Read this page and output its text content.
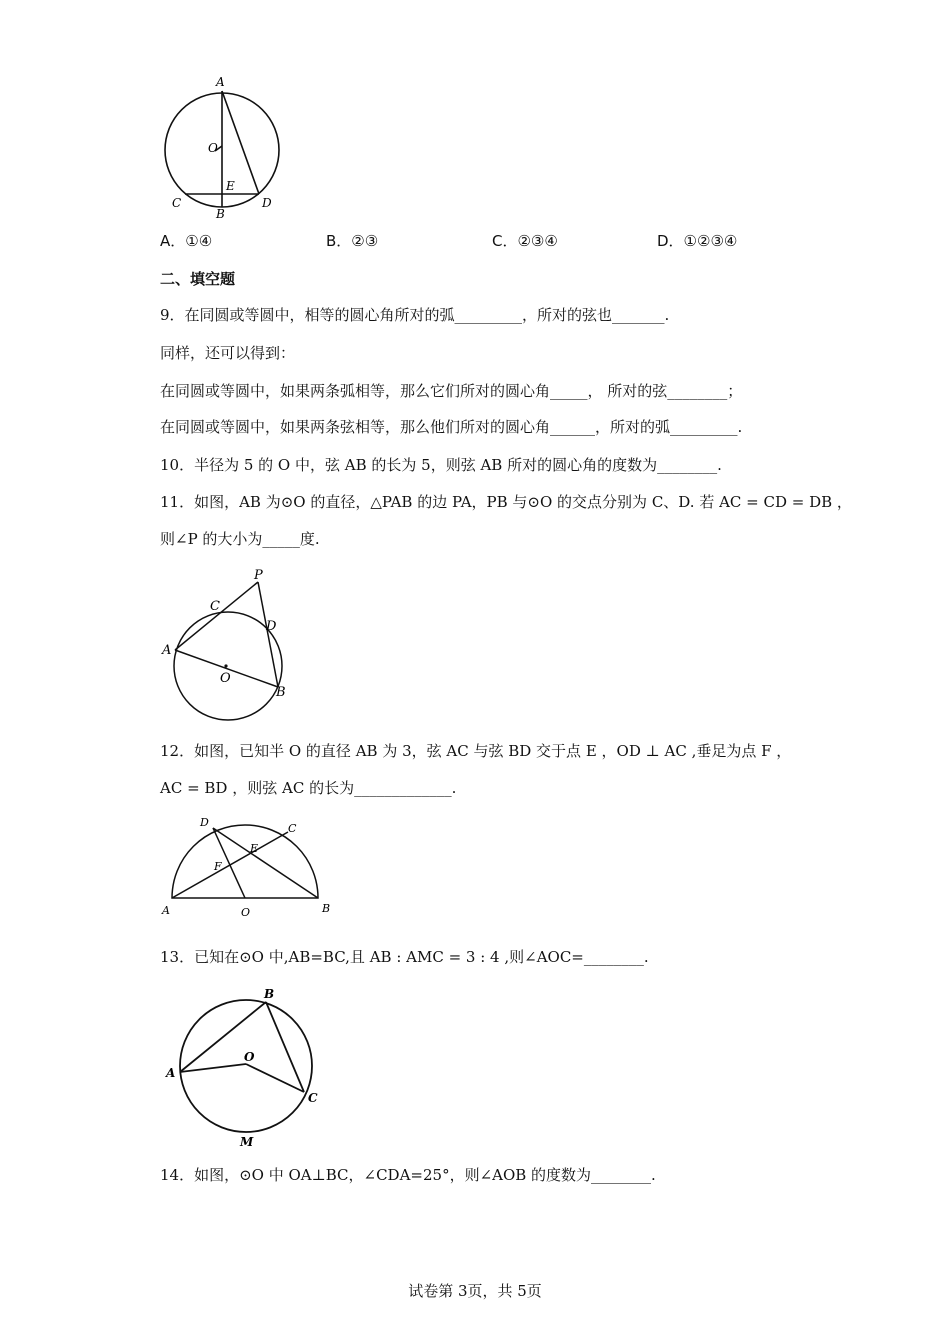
A
O
E
C
B
D
A．①④	B．②③	C．②③④	D．①②③④
二、填空题
9．在同圆或等圆中，相等的圆心角所对的弧_________，所对的弦也_______.
同样，还可以得到：
在同圆或等圆中，如果两条弧相等，那么它们所对的圆心角_____， 所对的弦________；
在同圆或等圆中，如果两条弦相等，那么他们所对的圆心角______，所对的弧_________.
10．半径为 5 的 O 中，弦 AB 的长为 5，则弦 AB 所对的圆心角的度数为________.
11．如图，AB 为⊙O 的直径，△PAB 的边 PA，PB 与⊙O 的交点分别为 C、D. 若 AC = CD = DB ，
则∠P 的大小为_____度.
P
C
D
A
O
B
12．如图，已知半 O 的直径 AB 为 3，弦 AC 与弦 BD 交于点 E ，OD ⊥ AC ,垂足为点 F ，
AC = BD ，则弦 AC 的长为_____________.
D	C
E
F
A	O	B
13．已知在⊙O 中,AB=BC,且 AB : AMC = 3 : 4 ,则∠AOC=________.
B
O
A
C
M
14．如图，⊙O 中 OA⊥BC，∠CDA=25°，则∠AOB 的度数为________.
试卷第 3页，共 5页
